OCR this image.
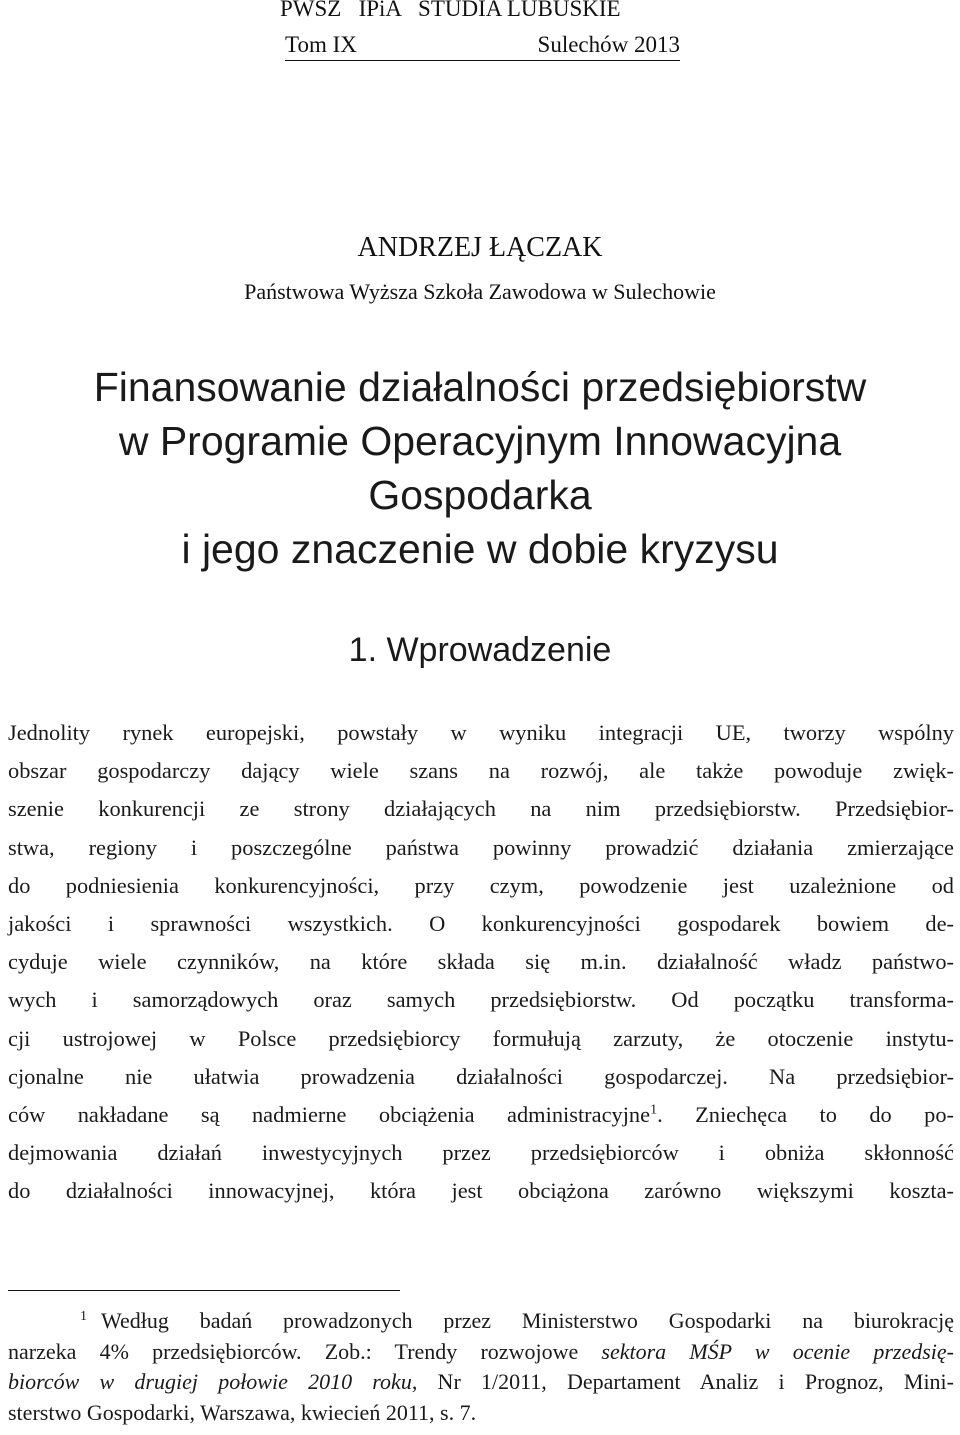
PWSZ   IPiA   STUDIA LUBUSKIE
Tom IX	Sulechów 2013

ANDRZEJ ŁĄCZAK
Państwowa Wyższa Szkoła Zawodowa w Sulechowie
Finansowanie działalności przedsiębiorstw
w Programie Operacyjnym Innowacyjna
Gospodarka
i jego znaczenie w dobie kryzysu
1. Wprowadzenie
Jednolity rynek europejski, powstały w wyniku integracji UE, tworzy wspólny
obszar gospodarczy dający wiele szans na rozwój, ale także powoduje zwięk-
szenie konkurencji ze strony działających na nim przedsiębiorstw. Przedsiębior-
stwa, regiony i poszczególne państwa powinny prowadzić działania zmierzające
do podniesienia konkurencyjności, przy czym, powodzenie jest uzależnione od
jakości i sprawności wszystkich. O konkurencyjności gospodarek bowiem de-
cyduje wiele czynników, na które składa się m.in. działalność władz państwo-
wych i samorządowych oraz samych przedsiębiorstw. Od początku transforma-
cji ustrojowej w Polsce przedsiębiorcy formułują zarzuty, że otoczenie instytu-
cjonalne nie ułatwia prowadzenia działalności gospodarczej. Na przedsiębior-
ców nakładane są nadmierne obciążenia administracyjne$^1$. Zniechęca to do po-
dejmowania działań inwestycyjnych przez przedsiębiorców i obniża skłonność
do działalności innowacyjnej, która jest obciążona zarówno większymi koszta-
$^1$ Według badań prowadzonych przez Ministerstwo Gospodarki na biurokrację
narzeka 4% przedsiębiorców. Zob.: Trendy rozwojowe sektora MŚP w ocenie przedsię-
biorców w drugiej połowie 2010 roku, Nr 1/2011, Departament Analiz i Prognoz, Mini-
sterstwo Gospodarki, Warszawa, kwiecień 2011, s. 7.
